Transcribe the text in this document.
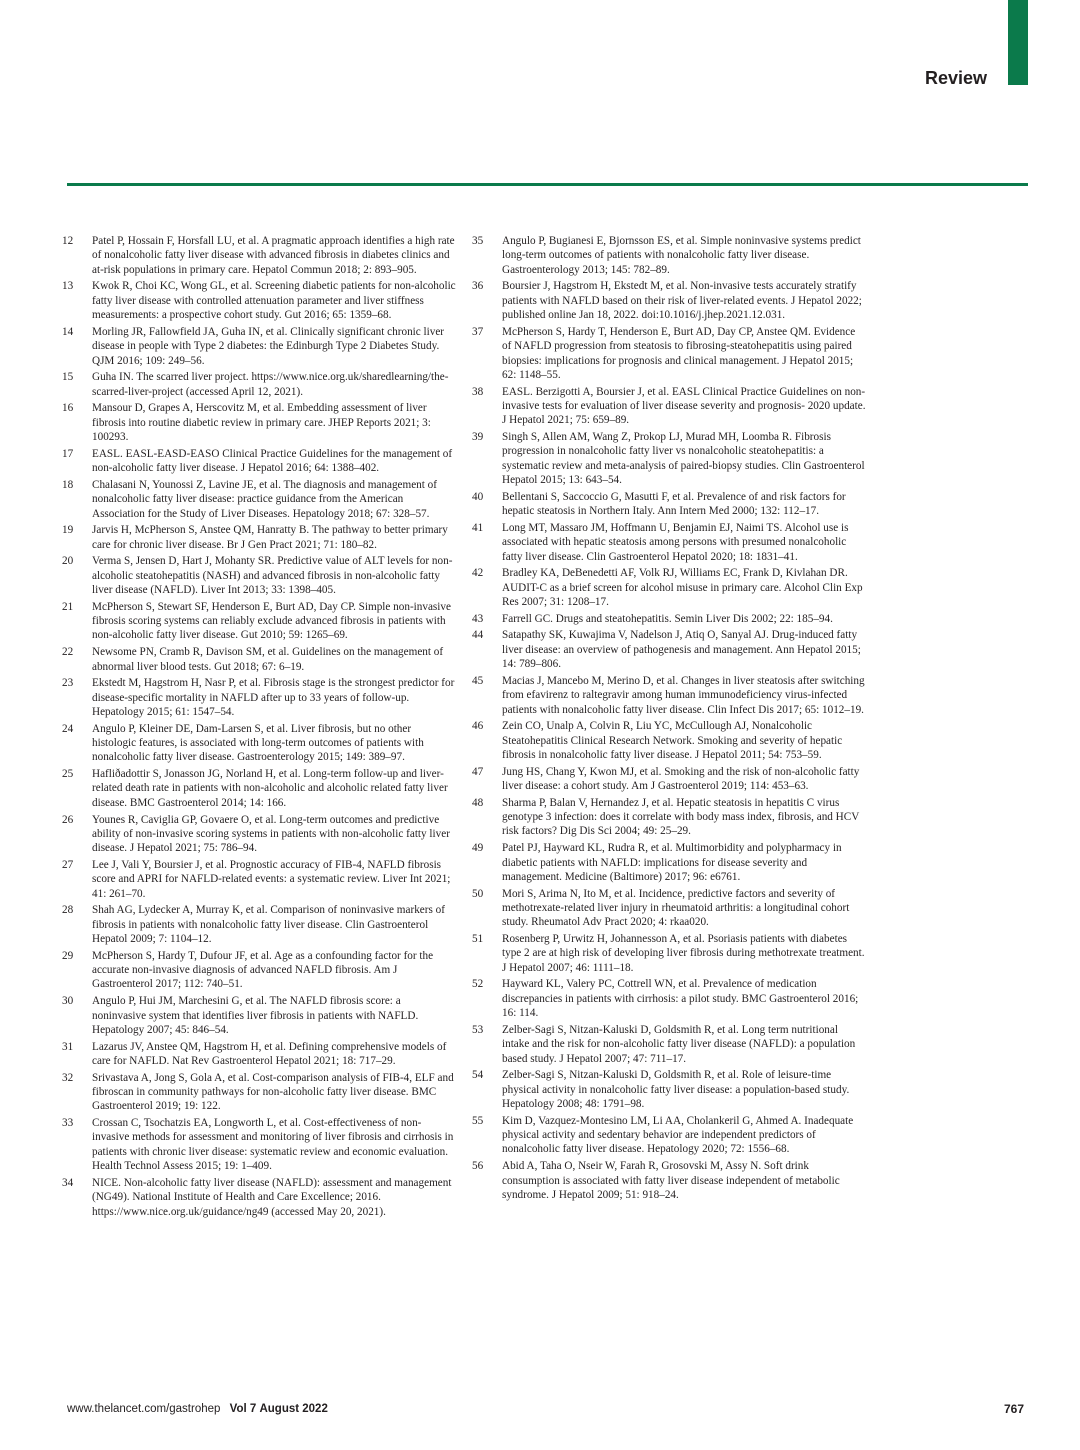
Review
12	Patel P, Hossain F, Horsfall LU, et al. A pragmatic approach identifies a high rate of nonalcoholic fatty liver disease with advanced fibrosis in diabetes clinics and at-risk populations in primary care. Hepatol Commun 2018; 2: 893–905.
13	Kwok R, Choi KC, Wong GL, et al. Screening diabetic patients for non-alcoholic fatty liver disease with controlled attenuation parameter and liver stiffness measurements: a prospective cohort study. Gut 2016; 65: 1359–68.
14	Morling JR, Fallowfield JA, Guha IN, et al. Clinically significant chronic liver disease in people with Type 2 diabetes: the Edinburgh Type 2 Diabetes Study. QJM 2016; 109: 249–56.
15	Guha IN. The scarred liver project. https://www.nice.org.uk/sharedlearning/the-scarred-liver-project (accessed April 12, 2021).
16	Mansour D, Grapes A, Herscovitz M, et al. Embedding assessment of liver fibrosis into routine diabetic review in primary care. JHEP Reports 2021; 3: 100293.
17	EASL. EASL-EASD-EASO Clinical Practice Guidelines for the management of non-alcoholic fatty liver disease. J Hepatol 2016; 64: 1388–402.
18	Chalasani N, Younossi Z, Lavine JE, et al. The diagnosis and management of nonalcoholic fatty liver disease: practice guidance from the American Association for the Study of Liver Diseases. Hepatology 2018; 67: 328–57.
19	Jarvis H, McPherson S, Anstee QM, Hanratty B. The pathway to better primary care for chronic liver disease. Br J Gen Pract 2021; 71: 180–82.
20	Verma S, Jensen D, Hart J, Mohanty SR. Predictive value of ALT levels for non-alcoholic steatohepatitis (NASH) and advanced fibrosis in non-alcoholic fatty liver disease (NAFLD). Liver Int 2013; 33: 1398–405.
21	McPherson S, Stewart SF, Henderson E, Burt AD, Day CP. Simple non-invasive fibrosis scoring systems can reliably exclude advanced fibrosis in patients with non-alcoholic fatty liver disease. Gut 2010; 59: 1265–69.
22	Newsome PN, Cramb R, Davison SM, et al. Guidelines on the management of abnormal liver blood tests. Gut 2018; 67: 6–19.
23	Ekstedt M, Hagstrom H, Nasr P, et al. Fibrosis stage is the strongest predictor for disease-specific mortality in NAFLD after up to 33 years of follow-up. Hepatology 2015; 61: 1547–54.
24	Angulo P, Kleiner DE, Dam-Larsen S, et al. Liver fibrosis, but no other histologic features, is associated with long-term outcomes of patients with nonalcoholic fatty liver disease. Gastroenterology 2015; 149: 389–97.
25	Hafliðadottir S, Jonasson JG, Norland H, et al. Long-term follow-up and liver-related death rate in patients with non-alcoholic and alcoholic related fatty liver disease. BMC Gastroenterol 2014; 14: 166.
26	Younes R, Caviglia GP, Govaere O, et al. Long-term outcomes and predictive ability of non-invasive scoring systems in patients with non-alcoholic fatty liver disease. J Hepatol 2021; 75: 786–94.
27	Lee J, Vali Y, Boursier J, et al. Prognostic accuracy of FIB-4, NAFLD fibrosis score and APRI for NAFLD-related events: a systematic review. Liver Int 2021; 41: 261–70.
28	Shah AG, Lydecker A, Murray K, et al. Comparison of noninvasive markers of fibrosis in patients with nonalcoholic fatty liver disease. Clin Gastroenterol Hepatol 2009; 7: 1104–12.
29	McPherson S, Hardy T, Dufour JF, et al. Age as a confounding factor for the accurate non-invasive diagnosis of advanced NAFLD fibrosis. Am J Gastroenterol 2017; 112: 740–51.
30	Angulo P, Hui JM, Marchesini G, et al. The NAFLD fibrosis score: a noninvasive system that identifies liver fibrosis in patients with NAFLD. Hepatology 2007; 45: 846–54.
31	Lazarus JV, Anstee QM, Hagstrom H, et al. Defining comprehensive models of care for NAFLD. Nat Rev Gastroenterol Hepatol 2021; 18: 717–29.
32	Srivastava A, Jong S, Gola A, et al. Cost-comparison analysis of FIB-4, ELF and fibroscan in community pathways for non-alcoholic fatty liver disease. BMC Gastroenterol 2019; 19: 122.
33	Crossan C, Tsochatzis EA, Longworth L, et al. Cost-effectiveness of non-invasive methods for assessment and monitoring of liver fibrosis and cirrhosis in patients with chronic liver disease: systematic review and economic evaluation. Health Technol Assess 2015; 19: 1–409.
34	NICE. Non-alcoholic fatty liver disease (NAFLD): assessment and management (NG49). National Institute of Health and Care Excellence; 2016. https://www.nice.org.uk/guidance/ng49 (accessed May 20, 2021).
35	Angulo P, Bugianesi E, Bjornsson ES, et al. Simple noninvasive systems predict long-term outcomes of patients with nonalcoholic fatty liver disease. Gastroenterology 2013; 145: 782–89.
36	Boursier J, Hagstrom H, Ekstedt M, et al. Non-invasive tests accurately stratify patients with NAFLD based on their risk of liver-related events. J Hepatol 2022; published online Jan 18, 2022. doi:10.1016/j.jhep.2021.12.031.
37	McPherson S, Hardy T, Henderson E, Burt AD, Day CP, Anstee QM. Evidence of NAFLD progression from steatosis to fibrosing-steatohepatitis using paired biopsies: implications for prognosis and clinical management. J Hepatol 2015; 62: 1148–55.
38	EASL. Berzigotti A, Boursier J, et al. EASL Clinical Practice Guidelines on non-invasive tests for evaluation of liver disease severity and prognosis- 2020 update. J Hepatol 2021; 75: 659–89.
39	Singh S, Allen AM, Wang Z, Prokop LJ, Murad MH, Loomba R. Fibrosis progression in nonalcoholic fatty liver vs nonalcoholic steatohepatitis: a systematic review and meta-analysis of paired-biopsy studies. Clin Gastroenterol Hepatol 2015; 13: 643–54.
40	Bellentani S, Saccoccio G, Masutti F, et al. Prevalence of and risk factors for hepatic steatosis in Northern Italy. Ann Intern Med 2000; 132: 112–17.
41	Long MT, Massaro JM, Hoffmann U, Benjamin EJ, Naimi TS. Alcohol use is associated with hepatic steatosis among persons with presumed nonalcoholic fatty liver disease. Clin Gastroenterol Hepatol 2020; 18: 1831–41.
42	Bradley KA, DeBenedetti AF, Volk RJ, Williams EC, Frank D, Kivlahan DR. AUDIT-C as a brief screen for alcohol misuse in primary care. Alcohol Clin Exp Res 2007; 31: 1208–17.
43	Farrell GC. Drugs and steatohepatitis. Semin Liver Dis 2002; 22: 185–94.
44	Satapathy SK, Kuwajima V, Nadelson J, Atiq O, Sanyal AJ. Drug-induced fatty liver disease: an overview of pathogenesis and management. Ann Hepatol 2015; 14: 789–806.
45	Macias J, Mancebo M, Merino D, et al. Changes in liver steatosis after switching from efavirenz to raltegravir among human immunodeficiency virus-infected patients with nonalcoholic fatty liver disease. Clin Infect Dis 2017; 65: 1012–19.
46	Zein CO, Unalp A, Colvin R, Liu YC, McCullough AJ, Nonalcoholic Steatohepatitis Clinical Research Network. Smoking and severity of hepatic fibrosis in nonalcoholic fatty liver disease. J Hepatol 2011; 54: 753–59.
47	Jung HS, Chang Y, Kwon MJ, et al. Smoking and the risk of non-alcoholic fatty liver disease: a cohort study. Am J Gastroenterol 2019; 114: 453–63.
48	Sharma P, Balan V, Hernandez J, et al. Hepatic steatosis in hepatitis C virus genotype 3 infection: does it correlate with body mass index, fibrosis, and HCV risk factors? Dig Dis Sci 2004; 49: 25–29.
49	Patel PJ, Hayward KL, Rudra R, et al. Multimorbidity and polypharmacy in diabetic patients with NAFLD: implications for disease severity and management. Medicine (Baltimore) 2017; 96: e6761.
50	Mori S, Arima N, Ito M, et al. Incidence, predictive factors and severity of methotrexate-related liver injury in rheumatoid arthritis: a longitudinal cohort study. Rheumatol Adv Pract 2020; 4: rkaa020.
51	Rosenberg P, Urwitz H, Johannesson A, et al. Psoriasis patients with diabetes type 2 are at high risk of developing liver fibrosis during methotrexate treatment. J Hepatol 2007; 46: 1111–18.
52	Hayward KL, Valery PC, Cottrell WN, et al. Prevalence of medication discrepancies in patients with cirrhosis: a pilot study. BMC Gastroenterol 2016; 16: 114.
53	Zelber-Sagi S, Nitzan-Kaluski D, Goldsmith R, et al. Long term nutritional intake and the risk for non-alcoholic fatty liver disease (NAFLD): a population based study. J Hepatol 2007; 47: 711–17.
54	Zelber-Sagi S, Nitzan-Kaluski D, Goldsmith R, et al. Role of leisure-time physical activity in nonalcoholic fatty liver disease: a population-based study. Hepatology 2008; 48: 1791–98.
55	Kim D, Vazquez-Montesino LM, Li AA, Cholankeril G, Ahmed A. Inadequate physical activity and sedentary behavior are independent predictors of nonalcoholic fatty liver disease. Hepatology 2020; 72: 1556–68.
56	Abid A, Taha O, Nseir W, Farah R, Grosovski M, Assy N. Soft drink consumption is associated with fatty liver disease independent of metabolic syndrome. J Hepatol 2009; 51: 918–24.
www.thelancet.com/gastrohep Vol 7 August 2022	767
